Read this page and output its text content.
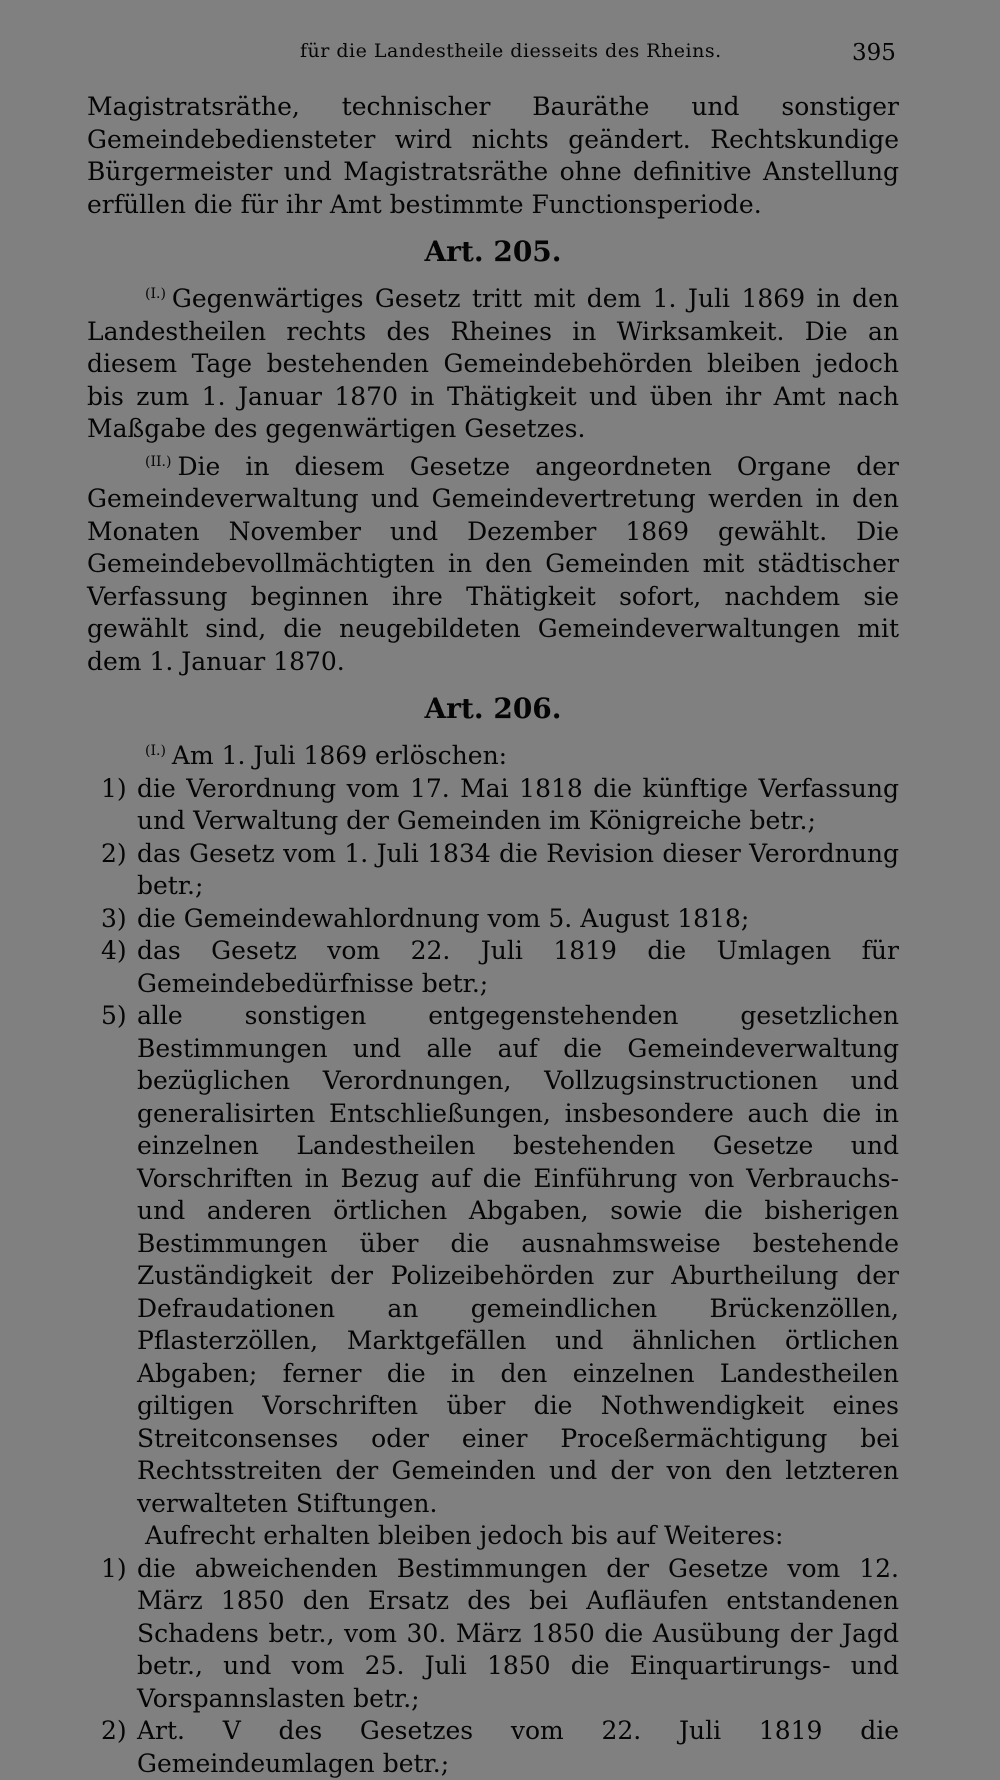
für die Landestheile diesseits des Rheins.	395

Magistratsräthe, technischer Bauräthe und sonstiger Gemeindebediensteter wird nichts geändert. Rechtskundige Bürgermeister und Magistratsräthe ohne definitive Anstellung erfüllen die für ihr Amt bestimmte Functionsperiode.

Art. 205.

$^{(I.)}$ Gegenwärtiges Gesetz tritt mit dem 1. Juli 1869 in den Landestheilen rechts des Rheines in Wirksamkeit. Die an diesem Tage bestehenden Gemeindebehörden bleiben jedoch bis zum 1. Januar 1870 in Thätigkeit und üben ihr Amt nach Maßgabe des gegenwärtigen Gesetzes.

$^{(II.)}$ Die in diesem Gesetze angeordneten Organe der Gemeindeverwaltung und Gemeindevertretung werden in den Monaten November und Dezember 1869 gewählt. Die Gemeindebevollmächtigten in den Gemeinden mit städtischer Verfassung beginnen ihre Thätigkeit sofort, nachdem sie gewählt sind, die neugebildeten Gemeindeverwaltungen mit dem 1. Januar 1870.

Art. 206.

$^{(I.)}$ Am 1. Juli 1869 erlöschen:

1) die Verordnung vom 17. Mai 1818 die künftige Verfassung und Verwaltung der Gemeinden im Königreiche betr.;
2) das Gesetz vom 1. Juli 1834 die Revision dieser Verordnung betr.;
3) die Gemeindewahlordnung vom 5. August 1818;
4) das Gesetz vom 22. Juli 1819 die Umlagen für Gemeindebedürfnisse betr.;
5) alle sonstigen entgegenstehenden gesetzlichen Bestimmungen und alle auf die Gemeindeverwaltung bezüglichen Verordnungen, Vollzugsinstructionen und generalisirten Entschließungen, insbesondere auch die in einzelnen Landestheilen bestehenden Gesetze und Vorschriften in Bezug auf die Einführung von Verbrauchs- und anderen örtlichen Abgaben, sowie die bisherigen Bestimmungen über die ausnahmsweise bestehende Zuständigkeit der Polizeibehörden zur Aburtheilung der Defraudationen an gemeindlichen Brückenzöllen, Pflasterzöllen, Marktgefällen und ähnlichen örtlichen Abgaben; ferner die in den einzelnen Landestheilen giltigen Vorschriften über die Nothwendigkeit eines Streitconsenses oder einer Proceßermächtigung bei Rechtsstreiten der Gemeinden und der von den letzteren verwalteten Stiftungen.

Aufrecht erhalten bleiben jedoch bis auf Weiteres:

1) die abweichenden Bestimmungen der Gesetze vom 12. März 1850 den Ersatz des bei Aufläufen entstandenen Schadens betr., vom 30. März 1850 die Ausübung der Jagd betr., und vom 25. Juli 1850 die Einquartirungs- und Vorspannslasten betr.;
2) Art. V des Gesetzes vom 22. Juli 1819 die Gemeindeumlagen betr.;
